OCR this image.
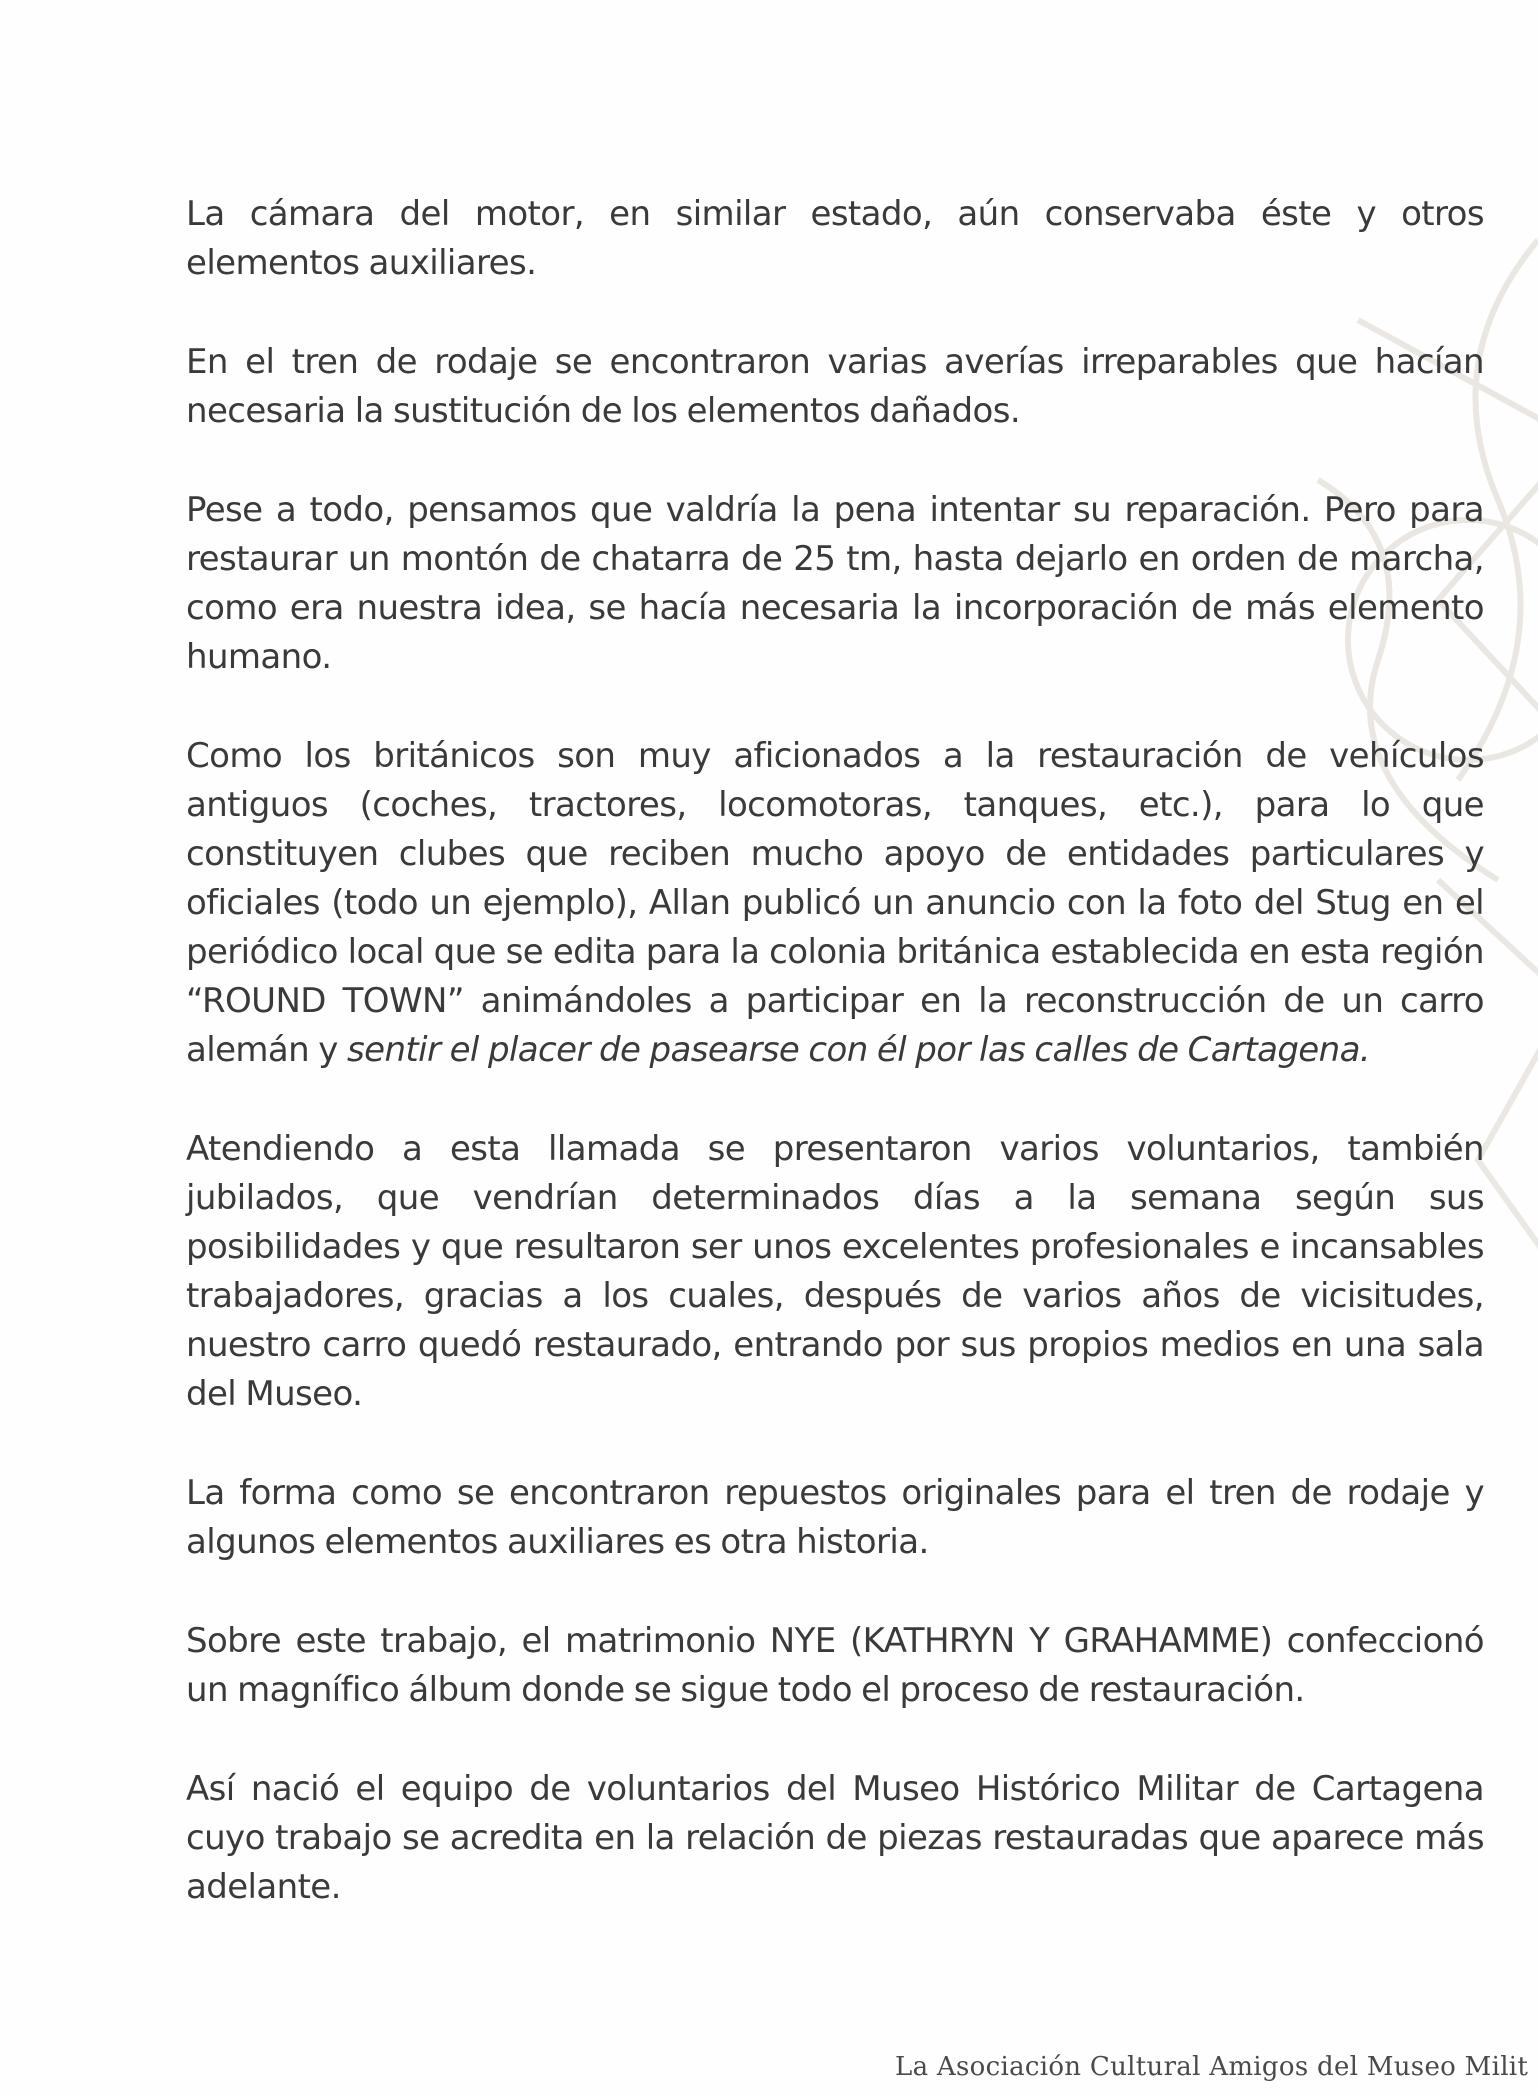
La cámara del motor, en similar estado, aún conservaba éste y otros elementos auxiliares.

En el tren de rodaje se encontraron varias averías irreparables que hacían necesaria la sustitución de los elementos dañados.

Pese a todo, pensamos que valdría la pena intentar su reparación. Pero para restaurar un montón de chatarra de 25 tm, hasta dejarlo en orden de marcha, como era nuestra idea, se hacía necesaria la incorporación de más elemento humano.

Como los británicos son muy aficionados a la restauración de vehículos antiguos (coches, tractores, locomotoras, tanques, etc.), para lo que constituyen clubes que reciben mucho apoyo de entidades particulares y oficiales (todo un ejemplo), Allan publicó un anuncio con la foto del Stug en el periódico local que se edita para la colonia británica establecida en esta región “ROUND TOWN” animándoles a participar en la reconstrucción de un carro alemán y sentir el placer de pasearse con él por las calles de Cartagena.

Atendiendo a esta llamada se presentaron varios voluntarios, también jubilados, que vendrían determinados días a la semana según sus posibilidades y que resultaron ser unos excelentes profesionales e incansables trabajadores, gracias a los cuales, después de varios años de vicisitudes, nuestro carro quedó restaurado, entrando por sus propios medios en una sala del Museo.

La forma como se encontraron repuestos originales para el tren de rodaje y algunos elementos auxiliares es otra historia.

Sobre este trabajo, el matrimonio NYE (KATHRYN Y GRAHAMME) confeccionó un magnífico álbum donde se sigue todo el proceso de restauración.

Así nació el equipo de voluntarios del Museo Histórico Militar de Cartagena cuyo trabajo se acredita en la relación de piezas restauradas que aparece más adelante.

La Asociación Cultural Amigos del Museo Milit
